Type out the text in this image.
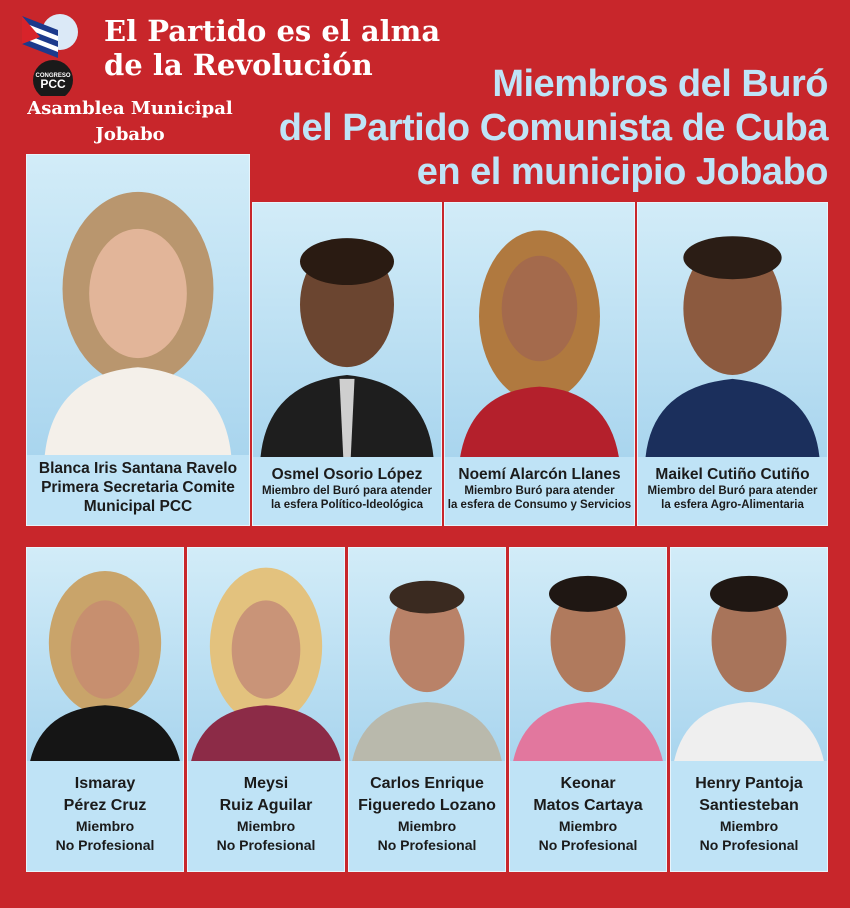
CONGRESO
PCC
El Partido es el alma
de la Revolución
Asamblea Municipal
Jobabo
Miembros del Buró
del Partido Comunista de Cuba
en el municipio Jobabo
Blanca Iris Santana Ravelo
Primera Secretaria Comite
Municipal PCC
Osmel Osorio López
Miembro del Buró para atender
la esfera Político-Ideológica
Noemí Alarcón Llanes
Miembro Buró para atender
la esfera de Consumo y Servicios
Maikel Cutiño Cutiño
Miembro del Buró para atender
la esfera Agro-Alimentaria
Ismaray
Pérez Cruz
Miembro
No Profesional
Meysi
Ruiz Aguilar
Miembro
No Profesional
Carlos Enrique
Figueredo Lozano
Miembro
No Profesional
Keonar
Matos Cartaya
Miembro
No Profesional
Henry Pantoja
Santiesteban
Miembro
No Profesional
